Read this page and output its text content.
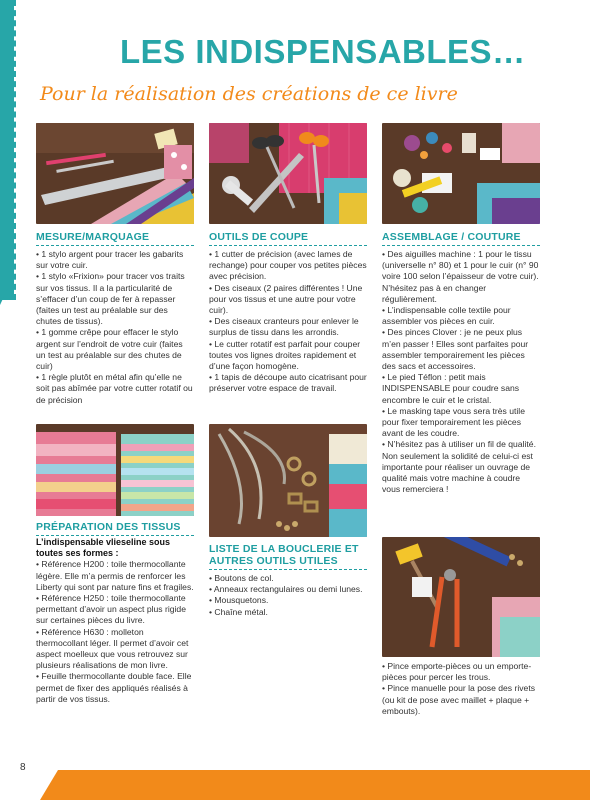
LES INDISPENSABLES…
Pour la réalisation des créations de ce livre
MESURE/MARQUAGE	OUTILS DE COUPE	ASSEMBLAGE / COUTURE
PRÉPARATION DES TISSUS
LISTE DE LA BOUCLERIE ET AUTRES OUTILS UTILES

• 1 stylo argent pour tracer les gabarits sur votre cuir.

• 1 stylo «Frixion» pour tracer vos traits sur vos tissus. Il a la particularité de s’effacer d’un coup de fer à repasser (faites un test au préalable sur des chutes de tissus).

• 1 gomme crêpe pour effacer le stylo argent sur l’endroit de votre cuir (faites un test au préalable sur des chutes de cuir)

• 1 règle plutôt en métal afin qu’elle ne soit pas abîmée par votre cutter rotatif ou de précision

• 1 cutter de précision (avec lames de rechange) pour couper vos petites pièces avec précision.

• Des ciseaux (2 paires différentes ! Une pour vos tissus et une autre pour votre cuir).

• Des ciseaux cranteurs pour enlever le surplus de tissu dans les arrondis.

• Le cutter rotatif est parfait pour couper toutes vos lignes droites rapidement et d’une façon homogène.

• 1 tapis de découpe auto cicatrisant pour préserver votre espace de travail.

• Des aiguilles machine : 1 pour le tissu (universelle n° 80) et 1 pour le cuir (n° 90 voire 100 selon l’épaisseur de votre cuir). N’hésitez pas à en changer régulièrement.

• L’indispensable colle textile pour assembler vos pièces en cuir.

• Des pinces Clover : je ne peux plus m’en passer ! Elles sont parfaites pour assembler temporairement les pièces des sacs et accessoires.

• Le pied Téflon : petit mais INDISPENSABLE pour coudre sans encombre le cuir et le cristal.

• Le masking tape vous sera très utile pour fixer temporairement les pièces avant de les coudre.

• N’hésitez pas à utiliser un fil de qualité. Non seulement la solidité de celui-ci est importante pour réaliser un ouvrage de qualité mais votre machine à coudre vous remerciera !

L’indispensable vlieseline sous toutes ses formes :

• Référence H200 : toile thermocollante légère. Elle m’a permis de renforcer les Liberty qui sont par nature fins et fragiles.

• Référence H250 : toile thermocollante permettant d’avoir un aspect plus rigide sur certaines pièces du livre.

• Référence H630 : molleton thermocollant léger. Il permet d’avoir cet aspect moelleux que vous retrouvez sur plusieurs réalisations de mon livre.

• Feuille thermocollante double face. Elle permet de fixer des appliqués réalisés à partir de vos tissus.

• Boutons de col.

• Anneaux rectangulaires ou demi lunes.

• Mousquetons.

• Chaîne métal.

• Pince emporte-pièces ou un emporte-pièces pour percer les trous.

• Pince manuelle pour la pose des rivets (ou kit de pose avec maillet + plaque + embouts).

8
